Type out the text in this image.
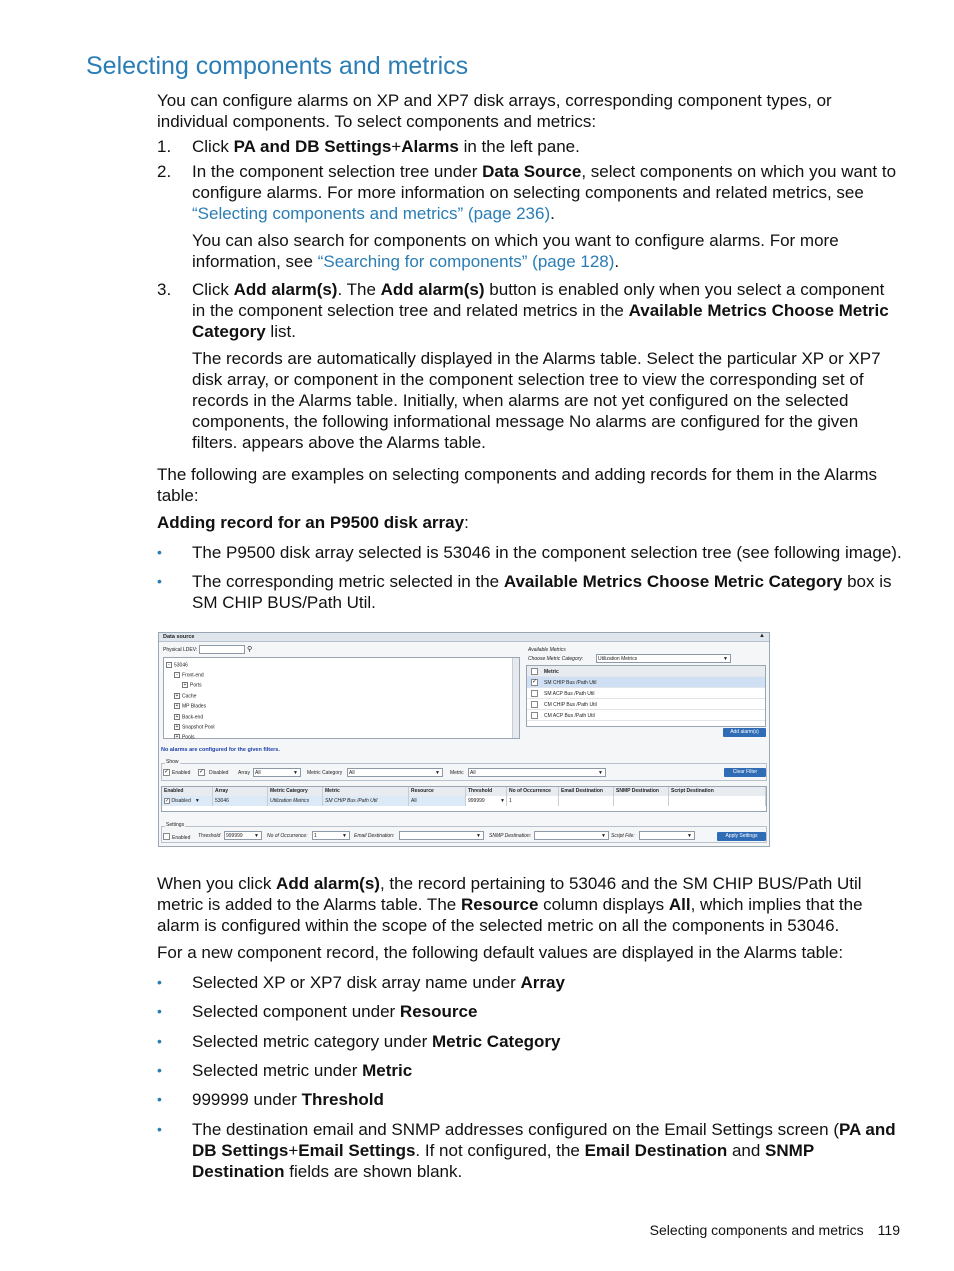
Selecting components and metrics

You can configure alarms on XP and XP7 disk arrays, corresponding component types, or individual components. To select components and metrics:

1. Click PA and DB Settings+Alarms in the left pane.

2. In the component selection tree under Data Source, select components on which you want to configure alarms. For more information on selecting components and related metrics, see “Selecting components and metrics” (page 236).

You can also search for components on which you want to configure alarms. For more information, see “Searching for components” (page 128).

3. Click Add alarm(s). The Add alarm(s) button is enabled only when you select a component in the component selection tree and related metrics in the Available Metrics Choose Metric Category list.

The records are automatically displayed in the Alarms table. Select the particular XP or XP7 disk array, or component in the component selection tree to view the corresponding set of records in the Alarms table. Initially, when alarms are not yet configured on the selected components, the following informational message No alarms are configured for the given filters. appears above the Alarms table.

The following are examples on selecting components and adding records for them in the Alarms table:

Adding record for an P9500 disk array:

• The P9500 disk array selected is 53046 in the component selection tree (see following image).

• The corresponding metric selected in the Available Metrics Choose Metric Category box is SM CHIP BUS/Path Util.

Data source	▲
Physical LDEV:	⚲
- 53046
- Front-end
+ Ports
+ Cache
+ MP Blades
+ Back-end
+ Snapshot Pool
+ Pools
Available Metrics
Choose Metric Category:	Utilization Metrics	▼
Metric
✓ SM CHIP Bus /Path Util
SM ACP Bus /Path Util
CM CHIP Bus /Path Util
CM ACP Bus /Path Util
Add alarm(s)
No alarms are configured for the given filters.
Show
✓ Enabled ✓ Disabled Array	All	▼ Metric Category	All	▼ Metric	All	▼	Clear Filter
Enabled	Array	Metric Category	Metric	Resource	Threshold	No of Occurrence	Email Destination	SNMP Destination	Script Destination
✓ Disabled ▼	53046	Utilization Metrics	SM CHIP Bus /Path Util	All	999999	▼ 1
Settings
Enabled Threshold	999999 ▼ No of Occurrence:	1	▼ Email Destination:	▼ SNMP Destination:	▼ Script File:	▼	Apply Settings

When you click Add alarm(s), the record pertaining to 53046 and the SM CHIP BUS/Path Util metric is added to the Alarms table. The Resource column displays All, which implies that the alarm is configured within the scope of the selected metric on all the components in 53046.

For a new component record, the following default values are displayed in the Alarms table:

• Selected XP or XP7 disk array name under Array

• Selected component under Resource

• Selected metric category under Metric Category

• Selected metric under Metric

• 999999 under Threshold

• The destination email and SNMP addresses configured on the Email Settings screen (PA and DB Settings+Email Settings. If not configured, the Email Destination and SNMP Destination fields are shown blank.

Selecting components and metrics 119
